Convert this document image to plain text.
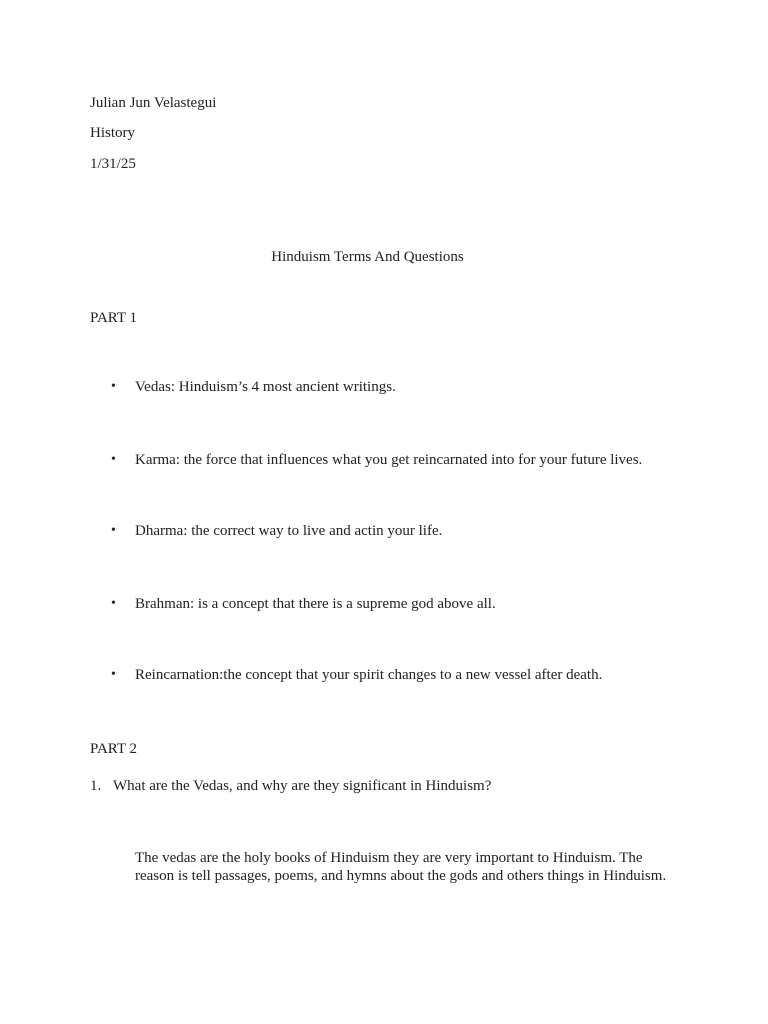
Julian Jun Velastegui
History
1/31/25
Hinduism Terms And Questions
PART 1
• Vedas: Hinduism’s 4 most ancient writings.
• Karma: the force that influences what you get reincarnated into for your future lives.
• Dharma: the correct way to live and actin your life.
• Brahman: is a concept that there is a supreme god above all.
• Reincarnation:the concept that your spirit changes to a new vessel after death.
PART 2
1. What are the Vedas, and why are they significant in Hinduism?
The vedas are the holy books of Hinduism they are very important to Hinduism. The reason is tell passages, poems, and hymns about the gods and others things in Hinduism.
